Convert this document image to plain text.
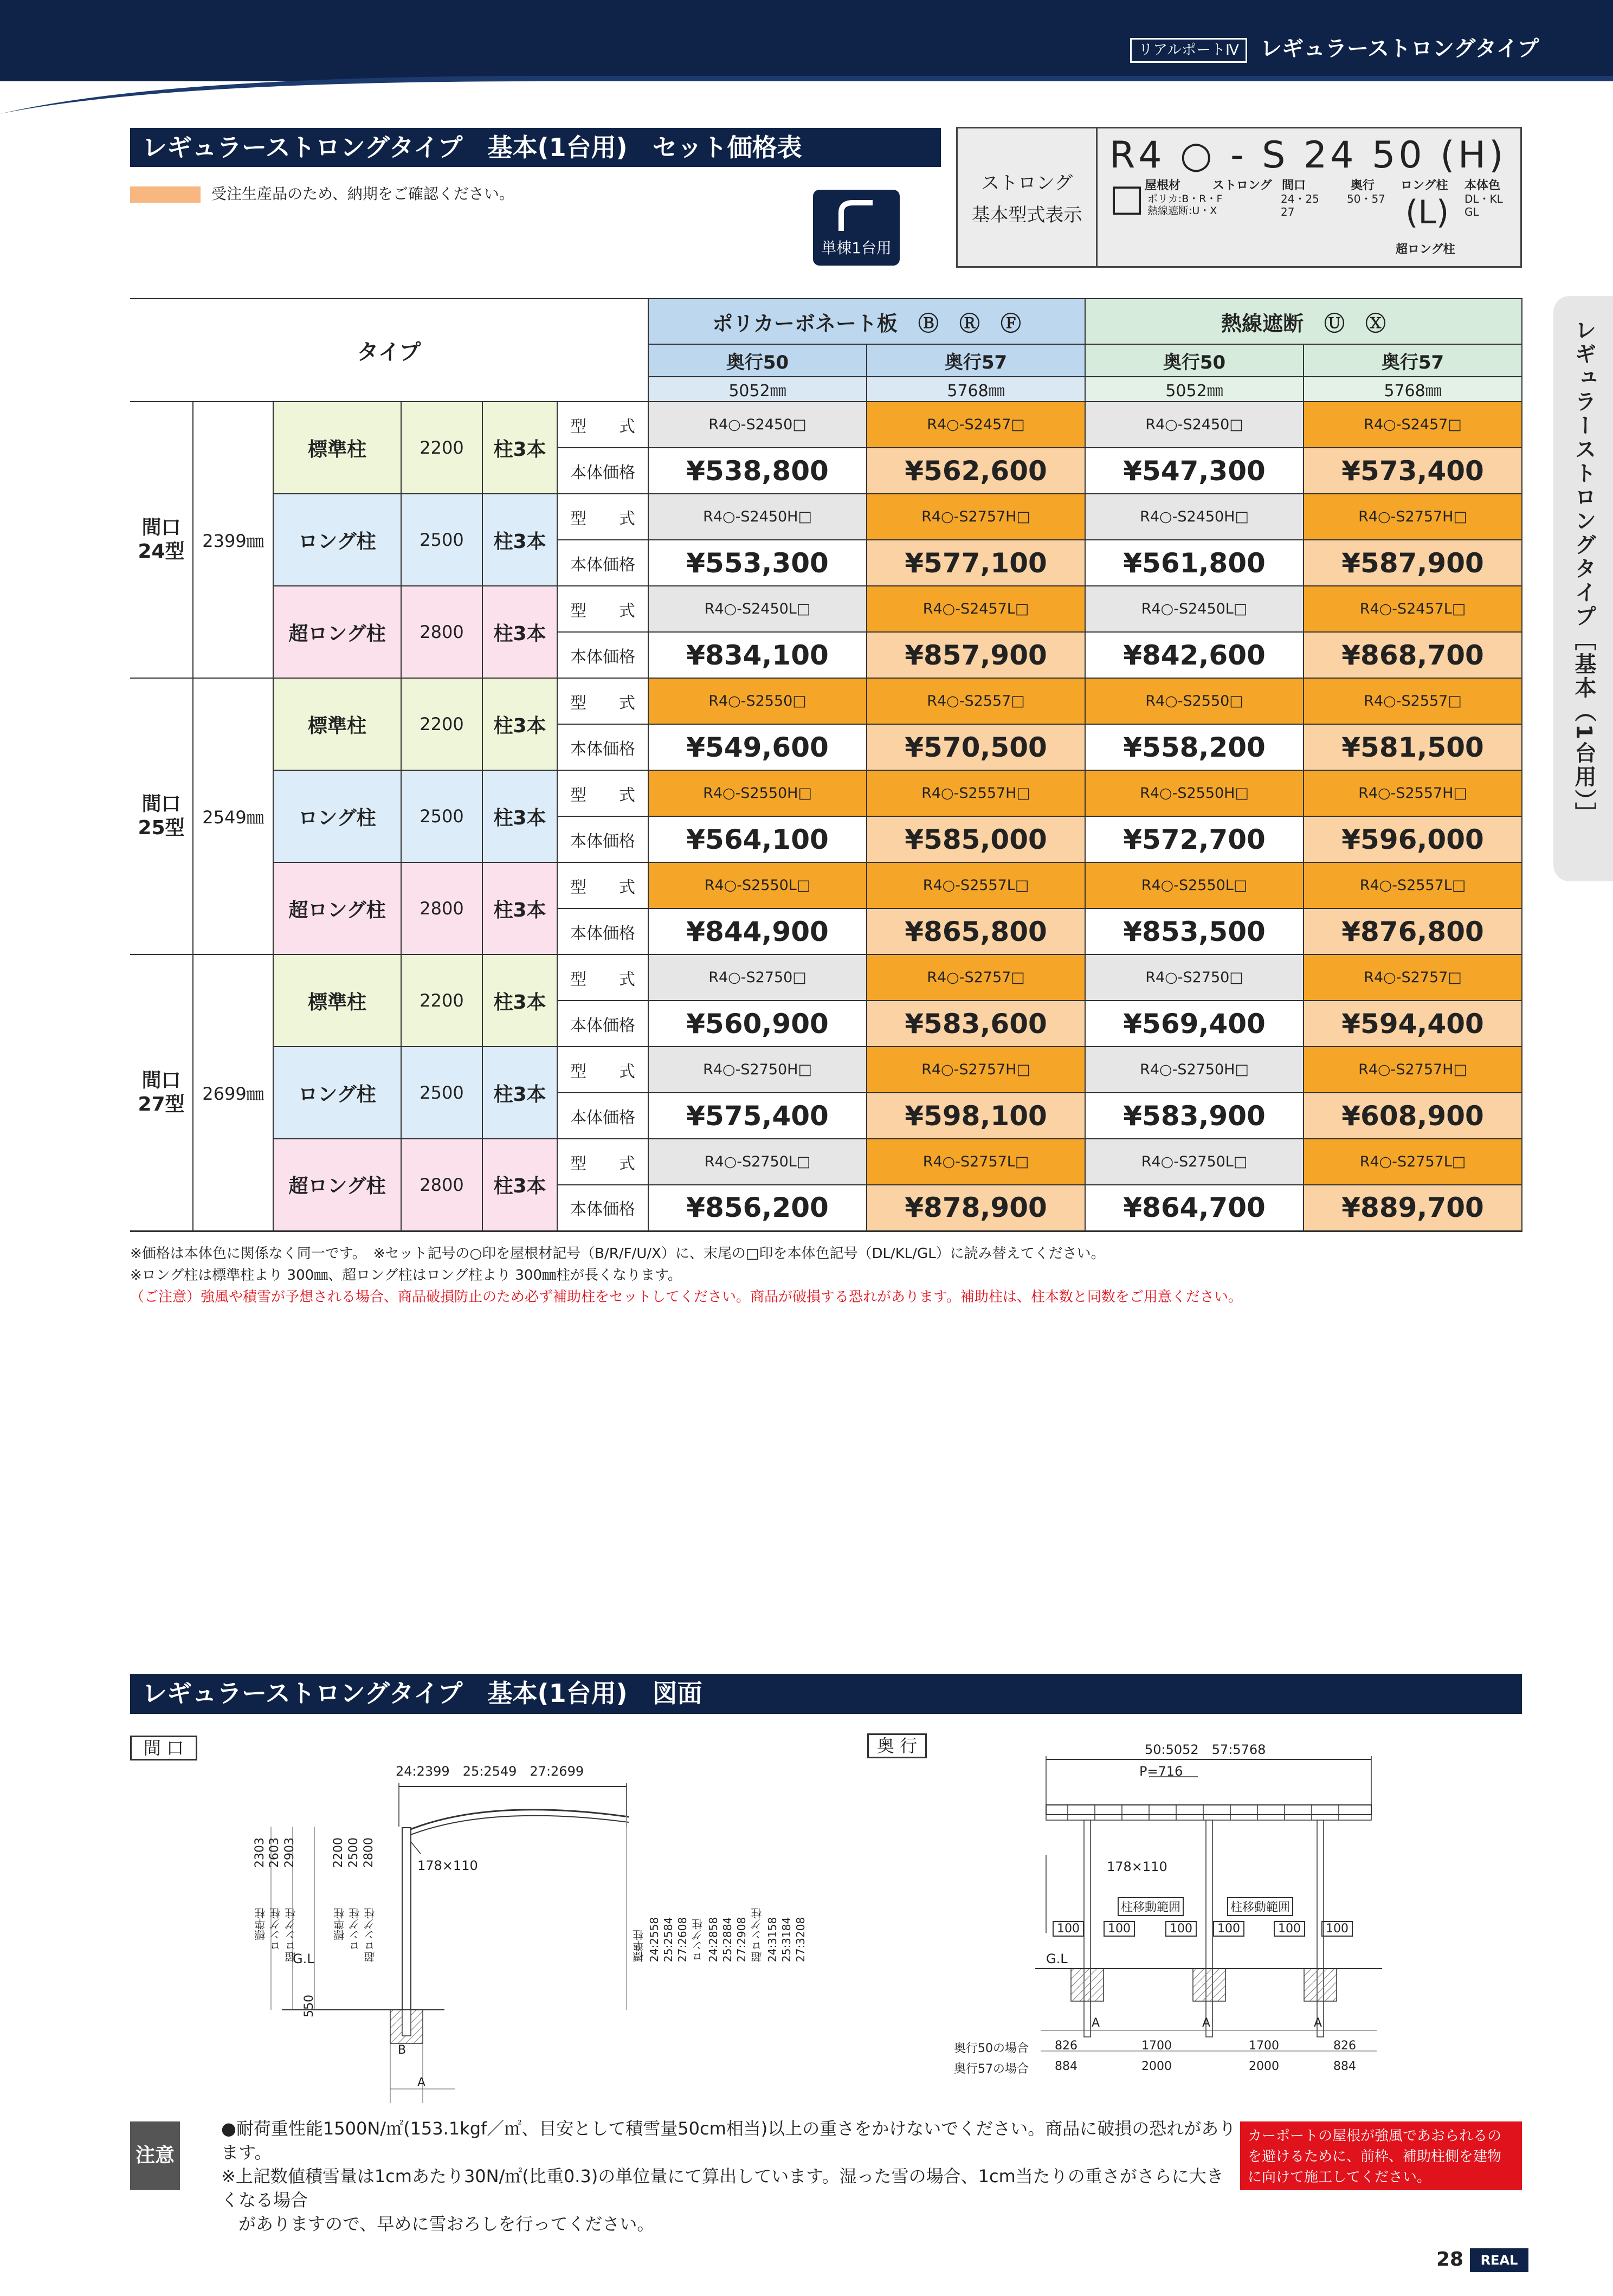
リアルポートⅣ レギュラーストロングタイプ
レギュラーストロングタイプ［基本（1台用）］
レギュラーストロングタイプ　基本(1台用)　セット価格表
受注生産品のため、納期をご確認ください。
単棟1台用
ストロング
基本型式表示
R4 ○ - S 24 50 (H) □
屋根材
ポリカ:B・R・F
熱線遮断:U・X
ストロング 間口
24・25
27
奥行
50・57
ロング柱 本体色
DL・KL
GL
(L)
超ロング柱
タイプ						ポリカーボネート板　Ⓑ　Ⓡ　Ⓕ		熱線遮断　Ⓤ　Ⓧ	
						奥行50	奥行57	奥行50	奥行57
						5052㎜	5768㎜	5052㎜	5768㎜
間口
24型	2399㎜	標準柱	2200	柱3本	型　　式	R4○-S2450□	R4○-S2457□	R4○-S2450□	R4○-S2457□
					本体価格	¥538,800	¥562,600	¥547,300	¥573,400
		ロング柱	2500	柱3本	型　　式	R4○-S2450H□	R4○-S2757H□	R4○-S2450H□	R4○-S2757H□
					本体価格	¥553,300	¥577,100	¥561,800	¥587,900
		超ロング柱	2800	柱3本	型　　式	R4○-S2450L□	R4○-S2457L□	R4○-S2450L□	R4○-S2457L□
					本体価格	¥834,100	¥857,900	¥842,600	¥868,700
間口
25型	2549㎜	標準柱	2200	柱3本	型　　式	R4○-S2550□	R4○-S2557□	R4○-S2550□	R4○-S2557□
					本体価格	¥549,600	¥570,500	¥558,200	¥581,500
		ロング柱	2500	柱3本	型　　式	R4○-S2550H□	R4○-S2557H□	R4○-S2550H□	R4○-S2557H□
					本体価格	¥564,100	¥585,000	¥572,700	¥596,000
		超ロング柱	2800	柱3本	型　　式	R4○-S2550L□	R4○-S2557L□	R4○-S2550L□	R4○-S2557L□
					本体価格	¥844,900	¥865,800	¥853,500	¥876,800
間口
27型	2699㎜	標準柱	2200	柱3本	型　　式	R4○-S2750□	R4○-S2757□	R4○-S2750□	R4○-S2757□
					本体価格	¥560,900	¥583,600	¥569,400	¥594,400
		ロング柱	2500	柱3本	型　　式	R4○-S2750H□	R4○-S2757H□	R4○-S2750H□	R4○-S2757H□
					本体価格	¥575,400	¥598,100	¥583,900	¥608,900
		超ロング柱	2800	柱3本	型　　式	R4○-S2750L□	R4○-S2757L□	R4○-S2750L□	R4○-S2757L□
					本体価格	¥856,200	¥878,900	¥864,700	¥889,700
※価格は本体色に関係なく同一です。　※セット記号の○印を屋根材記号（B/R/F/U/X）に、末尾の□印を本体色記号（DL/KL/GL）に読み替えてください。
※ロング柱は標準柱より 300㎜、超ロング柱はロング柱より 300㎜柱が長くなります。
（ご注意）強風や積雪が予想される場合、商品破損防止のため必ず補助柱をセットしてください。商品が破損する恐れがあります。補助柱は、柱本数と同数をご用意ください。
レギュラーストロングタイプ　基本(1台用)　図面
間 口
24:2399　25:2549　27:2699
178×110
G.L
550
B
A
2303 2603 2903	2200 2500 2800
標準柱 ロング柱 超ロング柱	標準柱 ロング柱 超ロング柱	標準柱 24:2558 25:2584 27:2608 ロング柱 24:2858 25:2884 27:2908 超ロング柱 24:3158 25:3184 27:3208
奥 行	50:5052　57:5768
P=716
178×110
柱移動範囲	柱移動範囲
100	100	100	100	100	100
G.L
A	A	A
奥行50の場合
奥行57の場合
826	1700	1700	826
884	2000	2000	884
注意
●耐荷重性能1500N/㎡(153.1kgf／㎡、目安として積雪量50cm相当)以上の重さをかけないでください。商品に破損の恐れがあります。
※上記数値積雪量は1cmあたり30N/㎡(比重0.3)の単位量にて算出しています。湿った雪の場合、1cm当たりの重さがさらに大きくなる場合
　がありますので、早めに雪おろしを行ってください。
カーポートの屋根が強風であおられるのを避けるために、前枠、補助柱側を建物に向けて施工してください。
28	REAL PORT IV
